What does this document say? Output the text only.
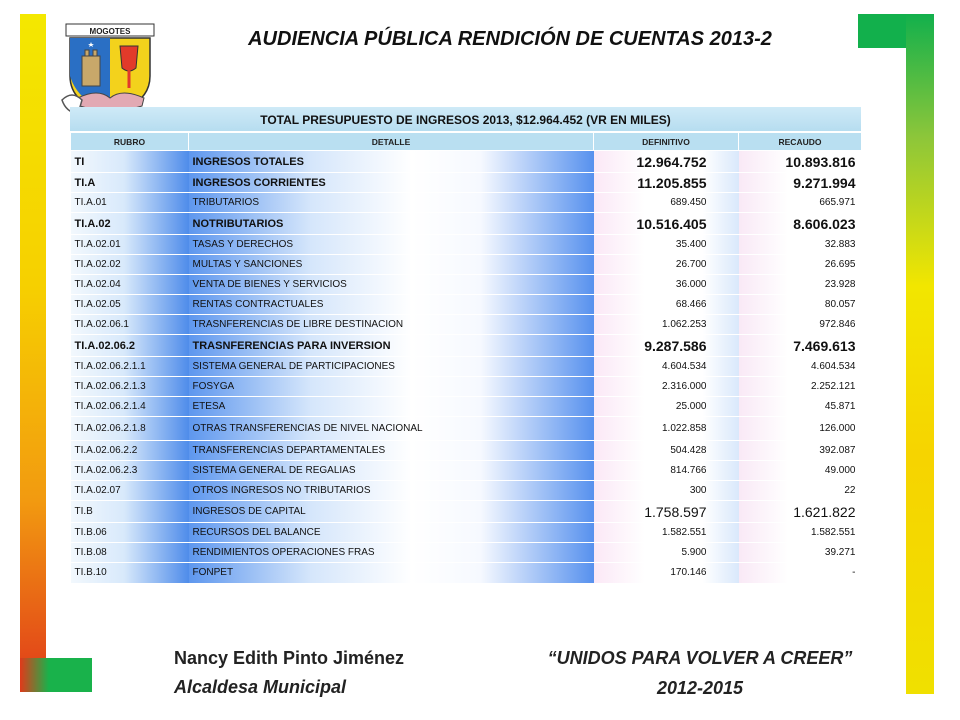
MOGOTES	AUDIENCIA PÚBLICA RENDICIÓN DE CUENTAS 2013-2
TOTAL PRESUPUESTO DE INGRESOS 2013, $12.964.452 (VR EN MILES)
RUBRO	DETALLE	DEFINITIVO	RECAUDO
TI	INGRESOS TOTALES	12.964.752	10.893.816
TI.A	INGRESOS CORRIENTES	11.205.855	9.271.994
TI.A.01	TRIBUTARIOS	689.450	665.971
TI.A.02	NOTRIBUTARIOS	10.516.405	8.606.023
TI.A.02.01	TASAS Y DERECHOS	35.400	32.883
TI.A.02.02	MULTAS Y SANCIONES	26.700	26.695
TI.A.02.04	VENTA DE BIENES Y SERVICIOS	36.000	23.928
TI.A.02.05	RENTAS CONTRACTUALES	68.466	80.057
TI.A.02.06.1	TRASNFERENCIAS DE LIBRE DESTINACION	1.062.253	972.846
TI.A.02.06.2	TRASNFERENCIAS PARA INVERSION	9.287.586	7.469.613
TI.A.02.06.2.1.1	SISTEMA GENERAL DE PARTICIPACIONES	4.604.534	4.604.534
TI.A.02.06.2.1.3	FOSYGA	2.316.000	2.252.121
TI.A.02.06.2.1.4	ETESA	25.000	45.871
TI.A.02.06.2.1.8	OTRAS TRANSFERENCIAS DE NIVEL NACIONAL	1.022.858	126.000
TI.A.02.06.2.2	TRANSFERENCIAS DEPARTAMENTALES	504.428	392.087
TI.A.02.06.2.3	SISTEMA GENERAL DE REGALIAS	814.766	49.000
TI.A.02.07	OTROS INGRESOS NO TRIBUTARIOS	300	22
TI.B	INGRESOS DE CAPITAL	1.758.597	1.621.822
TI.B.06	RECURSOS DEL BALANCE	1.582.551	1.582.551
TI.B.08	RENDIMIENTOS OPERACIONES FRAS	5.900	39.271
TI.B.10	FONPET	170.146	-
Nancy Edith Pinto Jiménez
Alcaldesa Municipal
“UNIDOS PARA VOLVER A CREER”
2012-2015
